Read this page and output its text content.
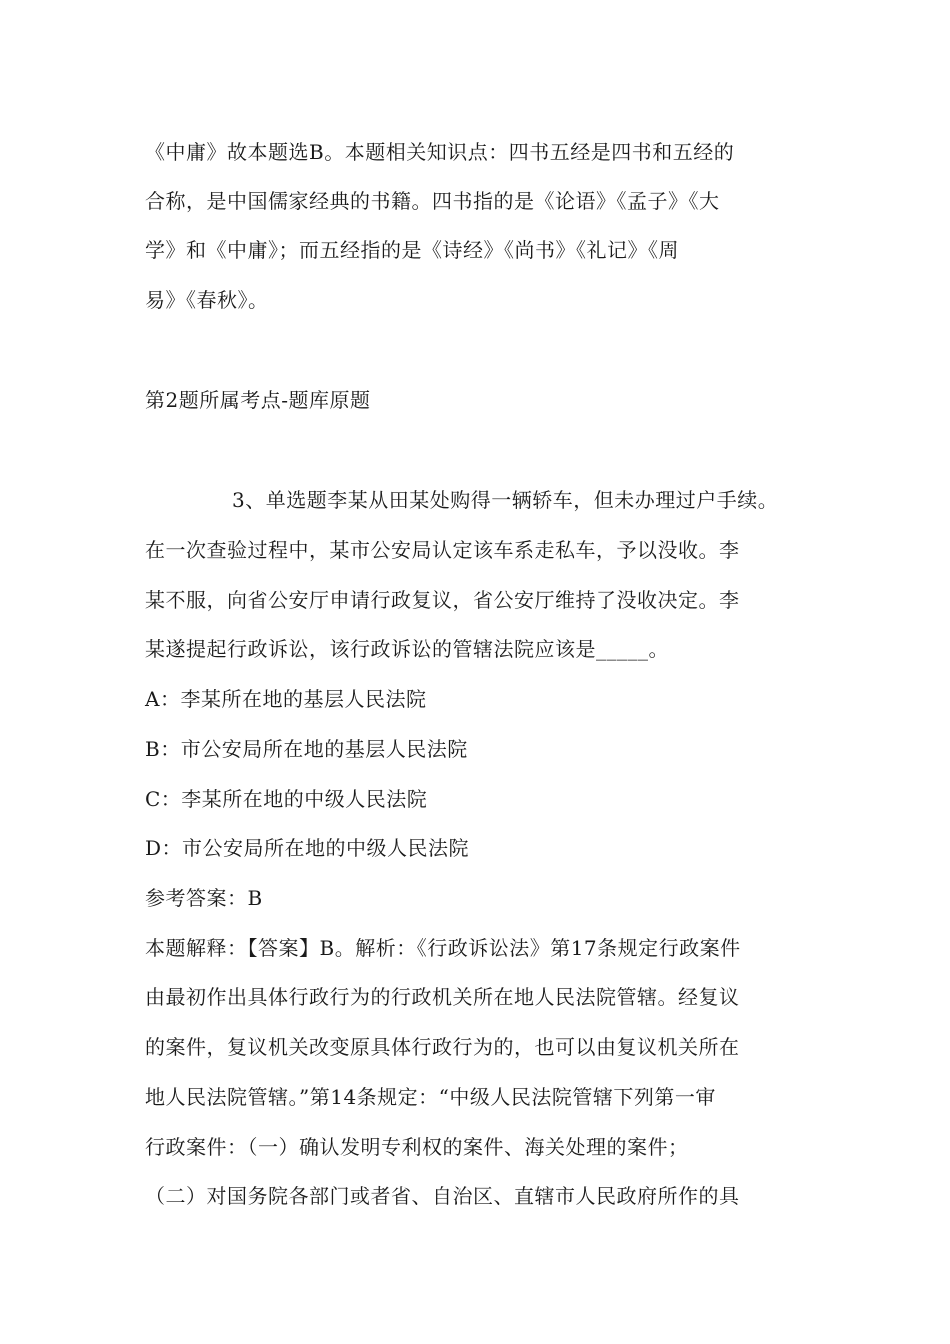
《中庸》故本题选B。本题相关知识点：四书五经是四书和五经的
合称，是中国儒家经典的书籍。四书指的是《论语》《孟子》《大
学》和《中庸》；而五经指的是《诗经》《尚书》《礼记》《周
易》《春秋》。
第2题所属考点-题库原题
3、单选题李某从田某处购得一辆轿车，但未办理过户手续。
在一次查验过程中，某市公安局认定该车系走私车，予以没收。李
某不服，向省公安厅申请行政复议，省公安厅维持了没收决定。李
某遂提起行政诉讼，该行政诉讼的管辖法院应该是_____。
A：李某所在地的基层人民法院
B：市公安局所在地的基层人民法院
C：李某所在地的中级人民法院
D：市公安局所在地的中级人民法院
参考答案：B
本题解释：【答案】B。解析：《行政诉讼法》第17条规定行政案件
由最初作出具体行政行为的行政机关所在地人民法院管辖。经复议
的案件，复议机关改变原具体行政行为的，也可以由复议机关所在
地人民法院管辖。”第14条规定：“中级人民法院管辖下列第一审
行政案件：（一）确认发明专利权的案件、海关处理的案件；
（二）对国务院各部门或者省、自治区、直辖市人民政府所作的具
